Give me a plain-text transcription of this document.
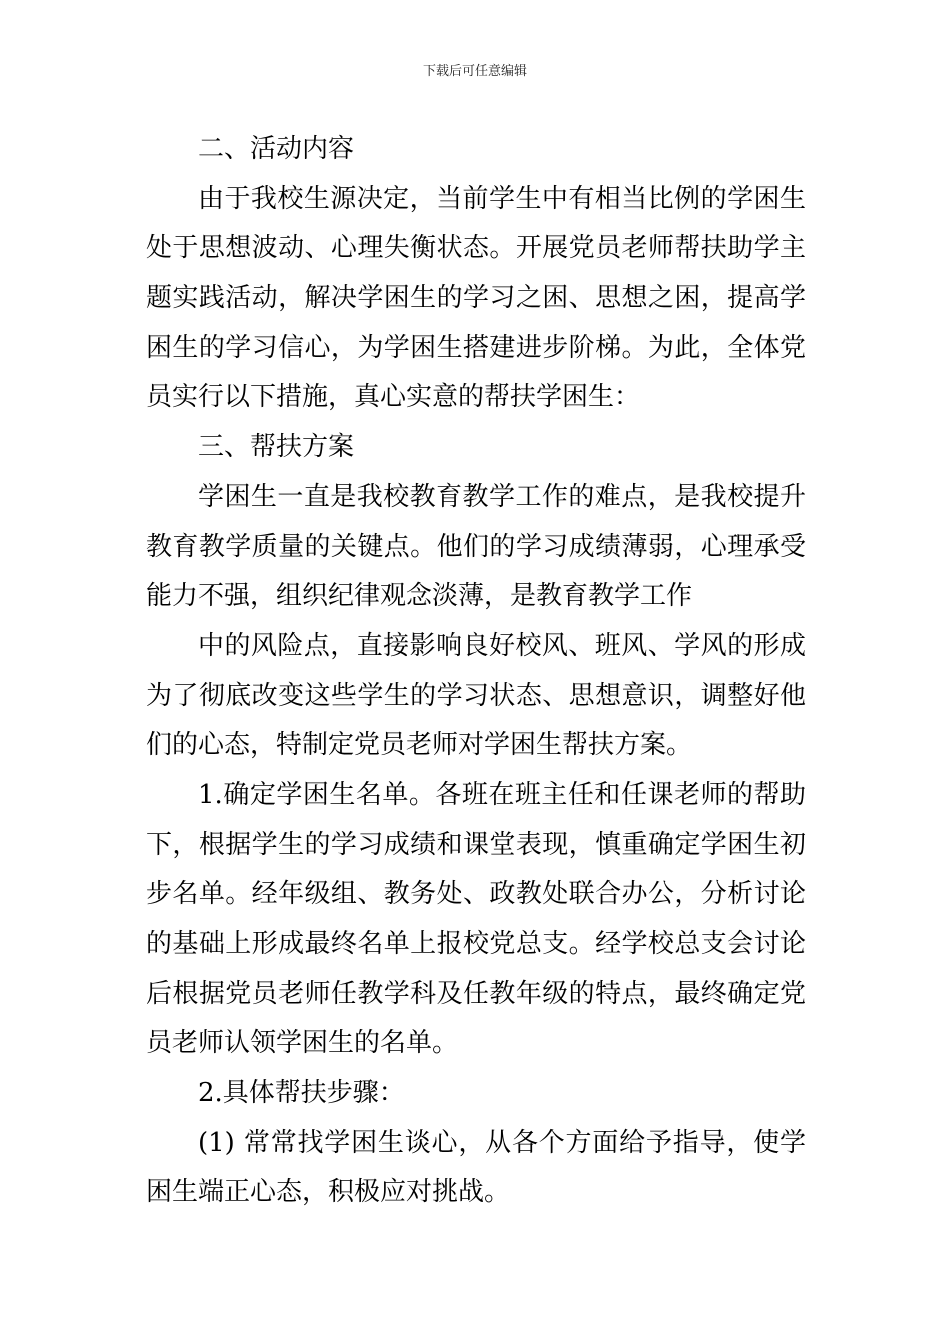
下载后可任意编辑
二、活动内容
由于我校生源决定，当前学生中有相当比例的学困生
处于思想波动、心理失衡状态。开展党员老师帮扶助学主
题实践活动，解决学困生的学习之困、思想之困，提高学
困生的学习信心，为学困生搭建进步阶梯。为此，全体党
员实行以下措施，真心实意的帮扶学困生：
三、帮扶方案
学困生一直是我校教育教学工作的难点，是我校提升
教育教学质量的关键点。他们的学习成绩薄弱，心理承受
能力不强，组织纪律观念淡薄，是教育教学工作
中的风险点，直接影响良好校风、班风、学风的形成
为了彻底改变这些学生的学习状态、思想意识，调整好他
们的心态，特制定党员老师对学困生帮扶方案。
1.确定学困生名单。各班在班主任和任课老师的帮助
下，根据学生的学习成绩和课堂表现，慎重确定学困生初
步名单。经年级组、教务处、政教处联合办公，分析讨论
的基础上形成最终名单上报校党总支。经学校总支会讨论
后根据党员老师任教学科及任教年级的特点，最终确定党
员老师认领学困生的名单。
2.具体帮扶步骤：
(1) 常常找学困生谈心，从各个方面给予指导，使学
困生端正心态，积极应对挑战。
